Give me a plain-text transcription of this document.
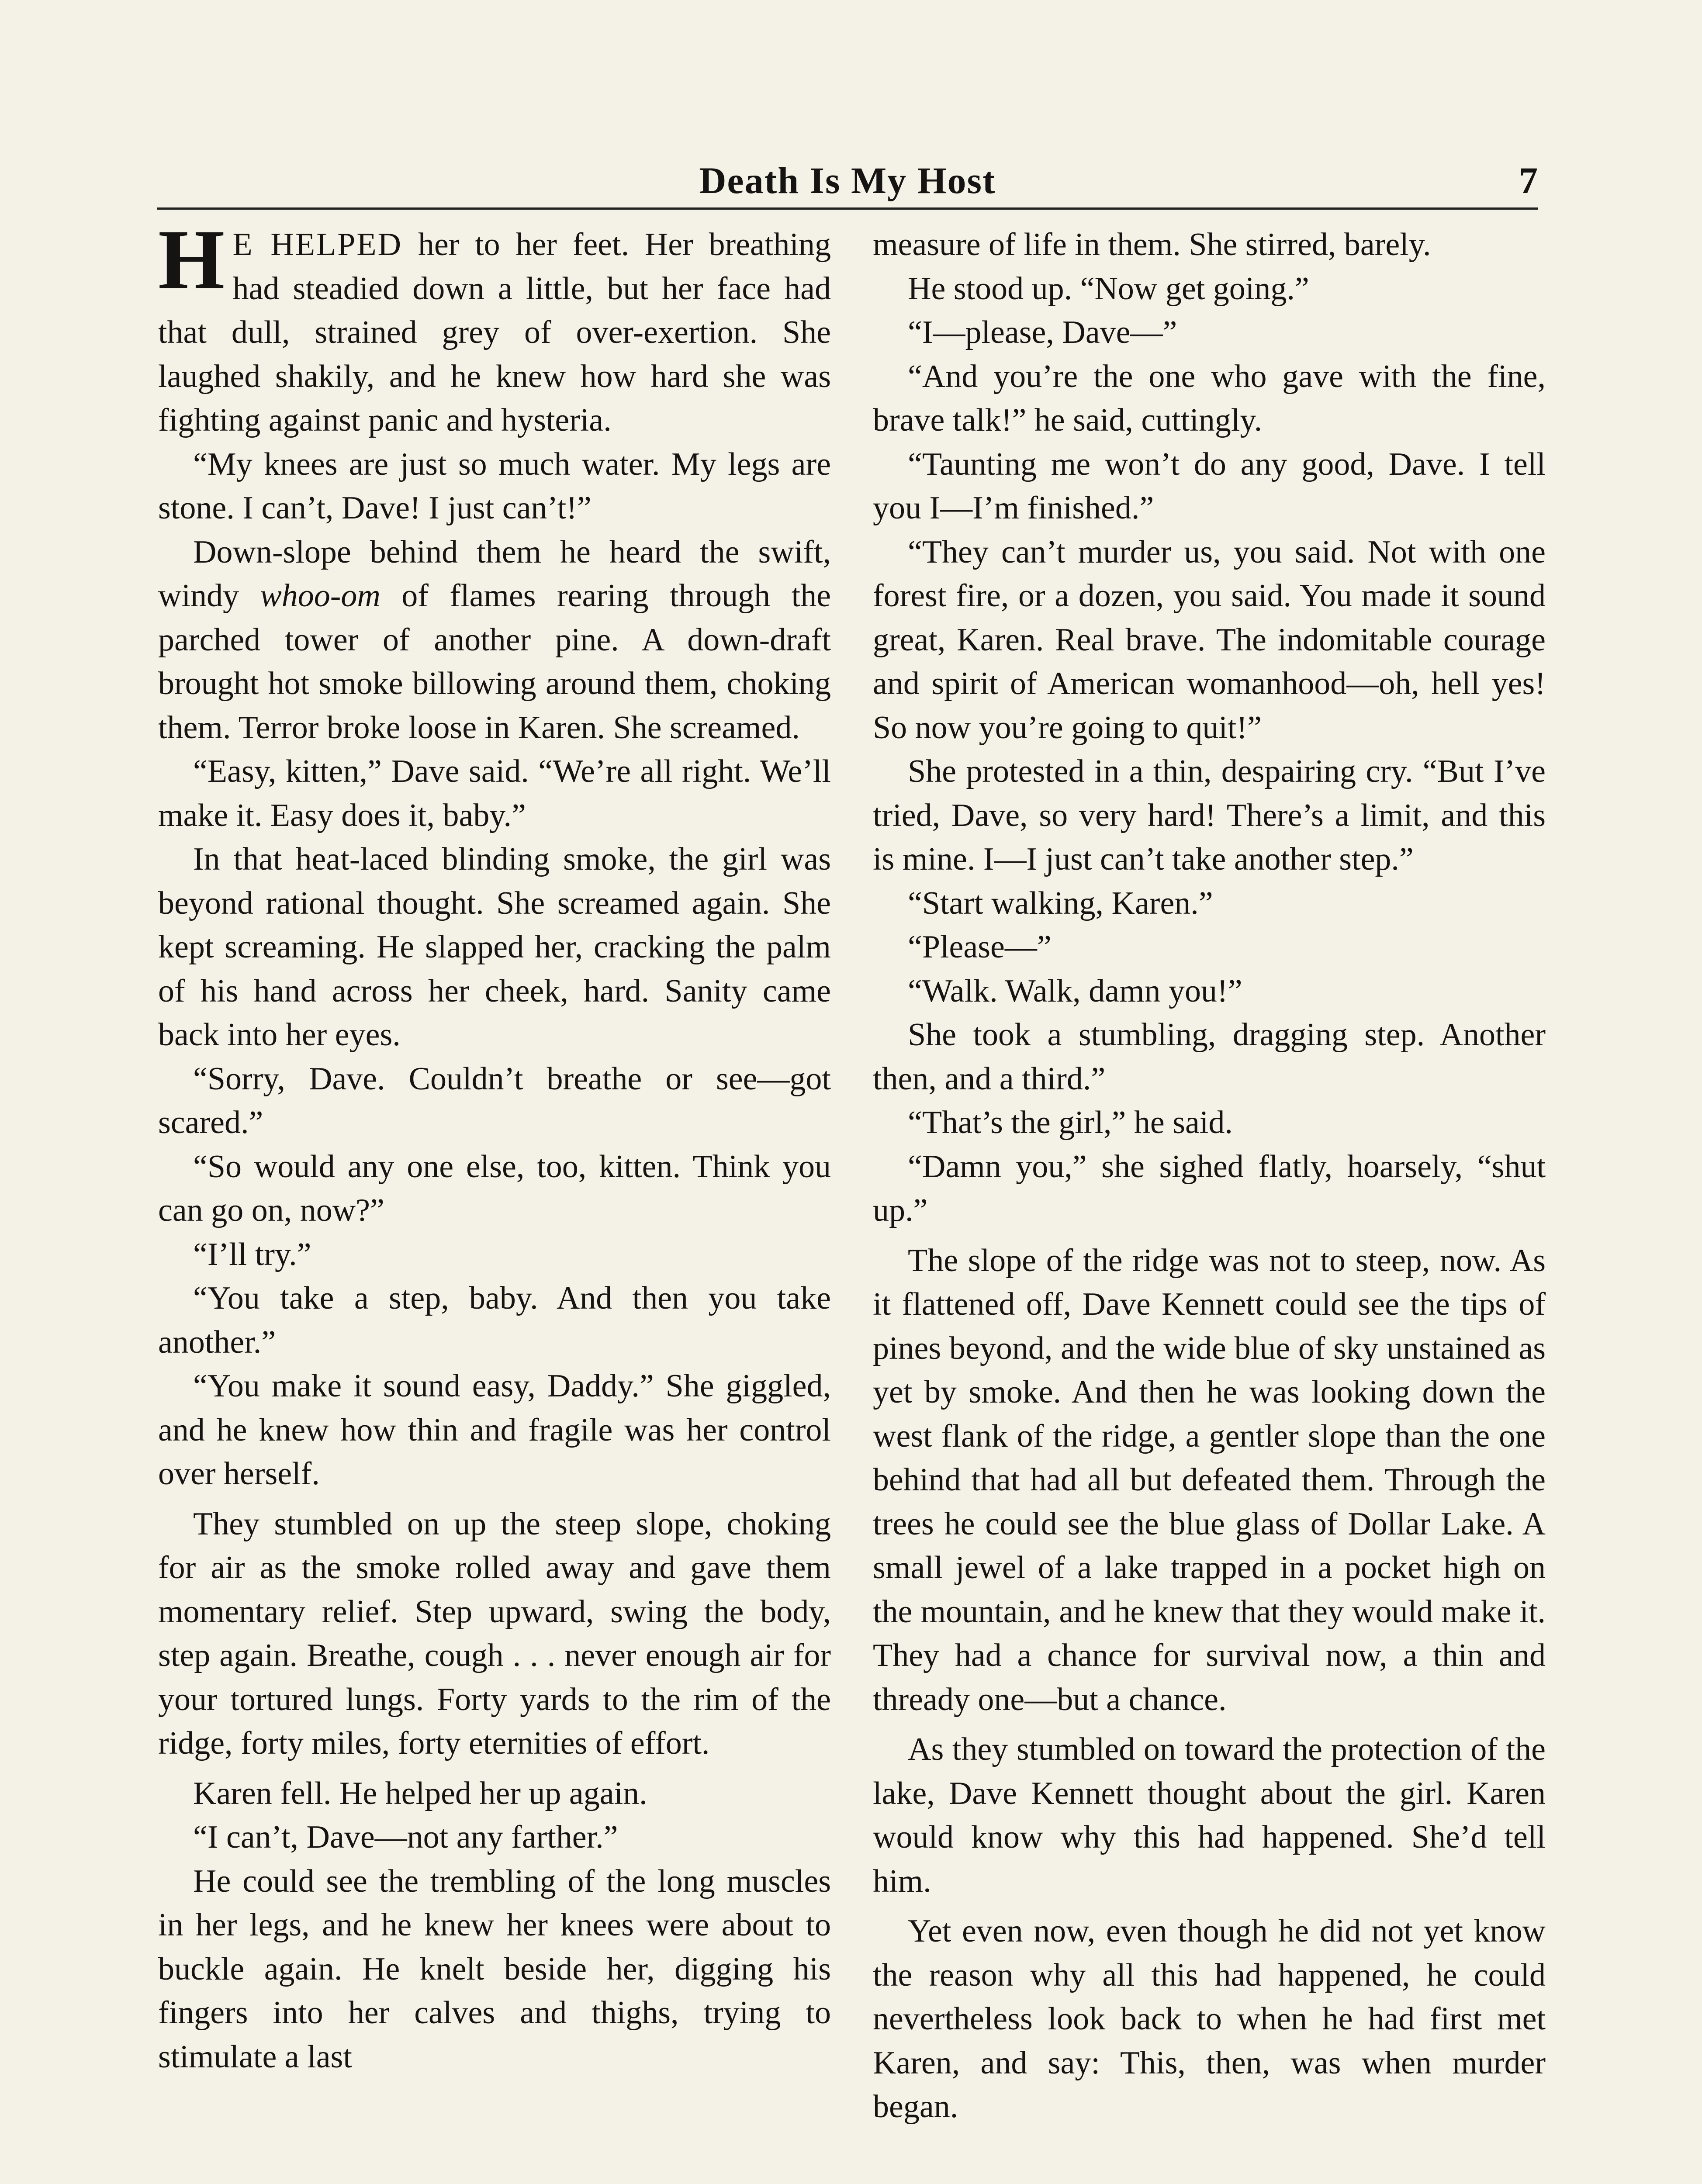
Death Is My Host	7

H E HELPED her to her feet. Her breathing had steadied down a little, but her face had that dull, strained grey of over-exertion. She laughed shakily, and he knew how hard she was fighting against panic and hysteria.

“My knees are just so much water. My legs are stone. I can’t, Dave! I just can’t!”

Down-slope behind them he heard the swift, windy whoo-om of flames rearing through the parched tower of another pine. A down-draft brought hot smoke billowing around them, choking them. Terror broke loose in Karen. She screamed.

“Easy, kitten,” Dave said. “We’re all right. We’ll make it. Easy does it, baby.”

In that heat-laced blinding smoke, the girl was beyond rational thought. She screamed again. She kept screaming. He slapped her, cracking the palm of his hand across her cheek, hard. Sanity came back into her eyes.

“Sorry, Dave. Couldn’t breathe or see—got scared.”

“So would any one else, too, kitten. Think you can go on, now?”

“I’ll try.”

“You take a step, baby. And then you take another.”

“You make it sound easy, Daddy.” She giggled, and he knew how thin and fragile was her control over herself.

They stumbled on up the steep slope, choking for air as the smoke rolled away and gave them momentary relief. Step upward, swing the body, step again. Breathe, cough . . . never enough air for your tortured lungs. Forty yards to the rim of the ridge, forty miles, forty eternities of effort.

Karen fell. He helped her up again.

“I can’t, Dave—not any farther.”

He could see the trembling of the long muscles in her legs, and he knew her knees were about to buckle again. He knelt beside her, digging his fingers into her calves and thighs, trying to stimulate a last

measure of life in them. She stirred, barely.

He stood up. “Now get going.”

“I—please, Dave—”

“And you’re the one who gave with the fine, brave talk!” he said, cuttingly.

“Taunting me won’t do any good, Dave. I tell you I—I’m finished.”

“They can’t murder us, you said. Not with one forest fire, or a dozen, you said. You made it sound great, Karen. Real brave. The indomitable courage and spirit of American womanhood—oh, hell yes! So now you’re going to quit!”

She protested in a thin, despairing cry. “But I’ve tried, Dave, so very hard! There’s a limit, and this is mine. I—I just can’t take another step.”

“Start walking, Karen.”

“Please—”

“Walk. Walk, damn you!”

She took a stumbling, dragging step. Another then, and a third.”

“That’s the girl,” he said.

“Damn you,” she sighed flatly, hoarsely, “shut up.”

The slope of the ridge was not to steep, now. As it flattened off, Dave Kennett could see the tips of pines beyond, and the wide blue of sky unstained as yet by smoke. And then he was looking down the west flank of the ridge, a gentler slope than the one behind that had all but defeated them. Through the trees he could see the blue glass of Dollar Lake. A small jewel of a lake trapped in a pocket high on the mountain, and he knew that they would make it. They had a chance for survival now, a thin and thready one—but a chance.

As they stumbled on toward the protection of the lake, Dave Kennett thought about the girl. Karen would know why this had happened. She’d tell him.

Yet even now, even though he did not yet know the reason why all this had happened, he could nevertheless look back to when he had first met Karen, and say: This, then, was when murder began.
